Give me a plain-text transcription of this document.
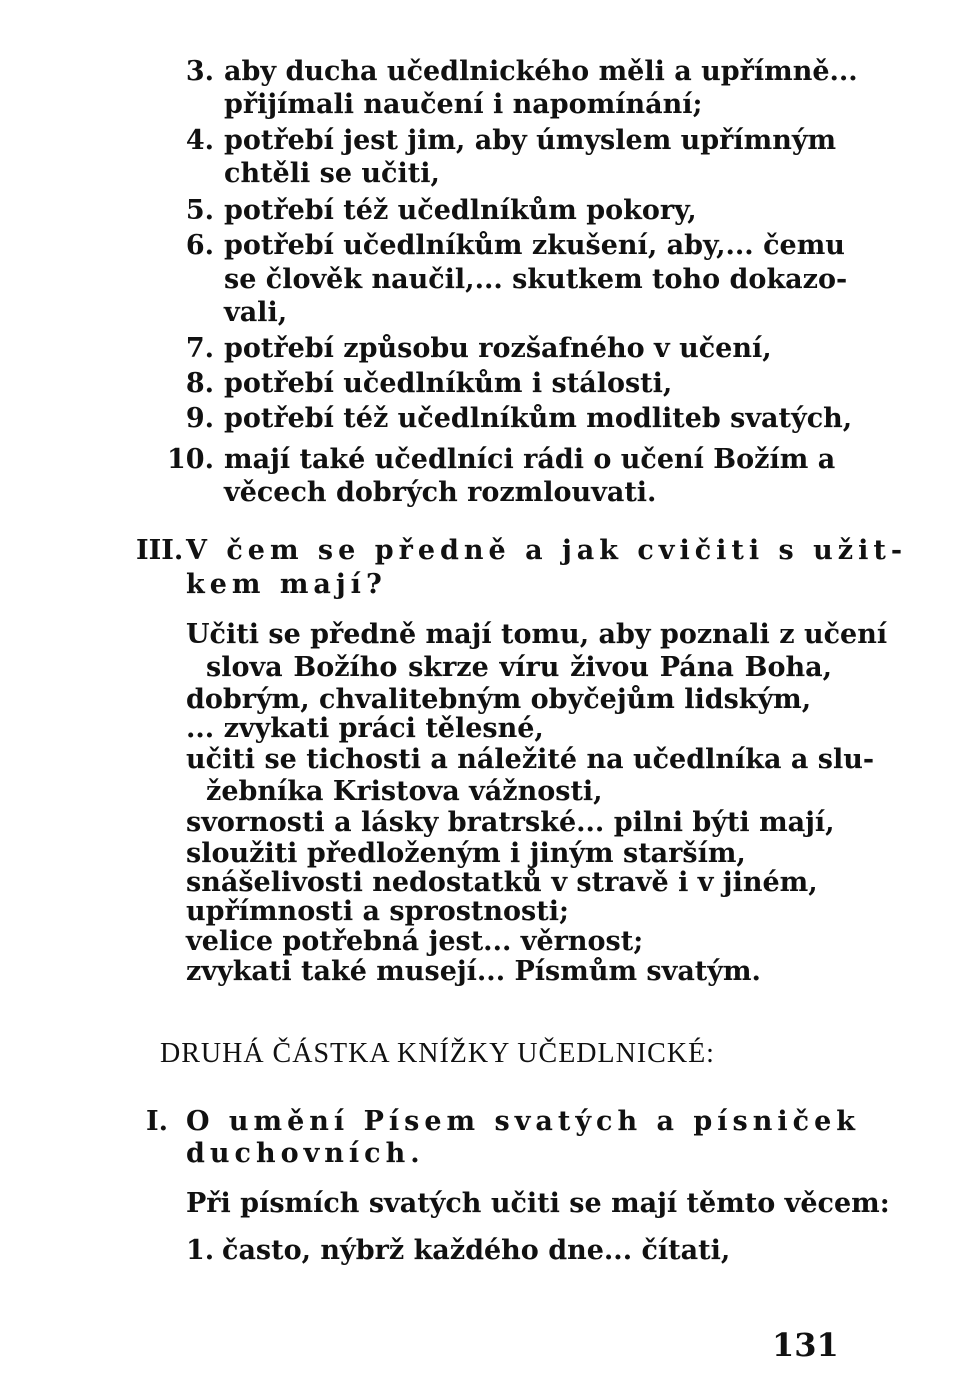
3. aby ducha učedlnického měli a upřímně...
přijímali naučení i napomínání;
4. potřebí jest jim, aby úmyslem upřímným
chtěli se učiti,
5. potřebí též učedlníkům pokory,
6. potřebí učedlníkům zkušení, aby,... čemu
se člověk naučil,... skutkem toho dokazo-
vali,
7. potřebí způsobu rozšafného v učení,
8. potřebí učedlníkům i stálosti,
9. potřebí též učedlníkům modliteb svatých,
10. mají také učedlníci rádi o učení Božím a
věcech dobrých rozmlouvati.
III. V čem se předně a jak cvičiti s užit-
kem mají?
Učiti se předně mají tomu, aby poznali z učení
slova Božího skrze víru živou Pána Boha,
dobrým, chvalitebným obyčejům lidským,
... zvykati práci tělesné,
učiti se tichosti a náležité na učedlníka a slu-
žebníka Kristova vážnosti,
svornosti a lásky bratrské... pilni býti mají,
sloužiti předloženým i jiným starším,
snášelivosti nedostatků v stravě i v jiném,
upřímnosti a sprostnosti;
velice potřebná jest... věrnost;
zvykati také musejí... Písmům svatým.
DRUHÁ ČÁSTKA KNÍŽKY UČEDLNICKÉ:
I. O umění Písem svatých a písniček
duchovních.
Při písmích svatých učiti se mají těmto věcem:
1. často, nýbrž každého dne... čítati,
131
